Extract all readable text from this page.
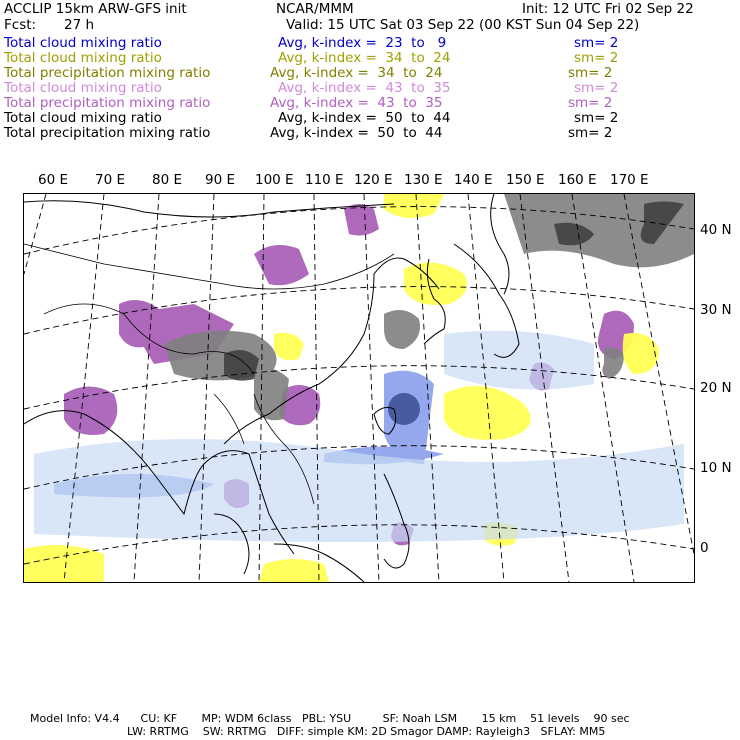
ACCLIP 15km ARW-GFS init	NCAR/MMM	Init: 12 UTC Fri 02 Sep 22
Fcst: 27 h	Valid: 15 UTC Sat 03 Sep 22 (00 KST Sun 04 Sep 22)
Total cloud mixing ratio	Avg, k-index =  23  to   9	sm= 2
Total cloud mixing ratio	Avg, k-index =  34  to  24	sm= 2
Total precipitation mixing ratio	Avg, k-index =  34  to  24	sm= 2
Total cloud mixing ratio	Avg, k-index =  43  to  35	sm= 2
Total precipitation mixing ratio	Avg, k-index =  43  to  35	sm= 2
Total cloud mixing ratio	Avg, k-index =  50  to  44	sm= 2
Total precipitation mixing ratio	Avg, k-index =  50  to  44	sm= 2
60 E 70 E 80 E 90 E 100 E 110 E 120 E 130 E 140 E 150 E 160 E 170 E
40 N
30 N
20 N
10 N
0
Model Info: V4.4      CU: KF       MP: WDM 6class   PBL: YSU         SF: Noah LSM       15 km    51 levels    90 sec
LW: RRTMG    SW: RRTMG   DIFF: simple KM: 2D Smagor DAMP: Rayleigh3   SFLAY: MM5
